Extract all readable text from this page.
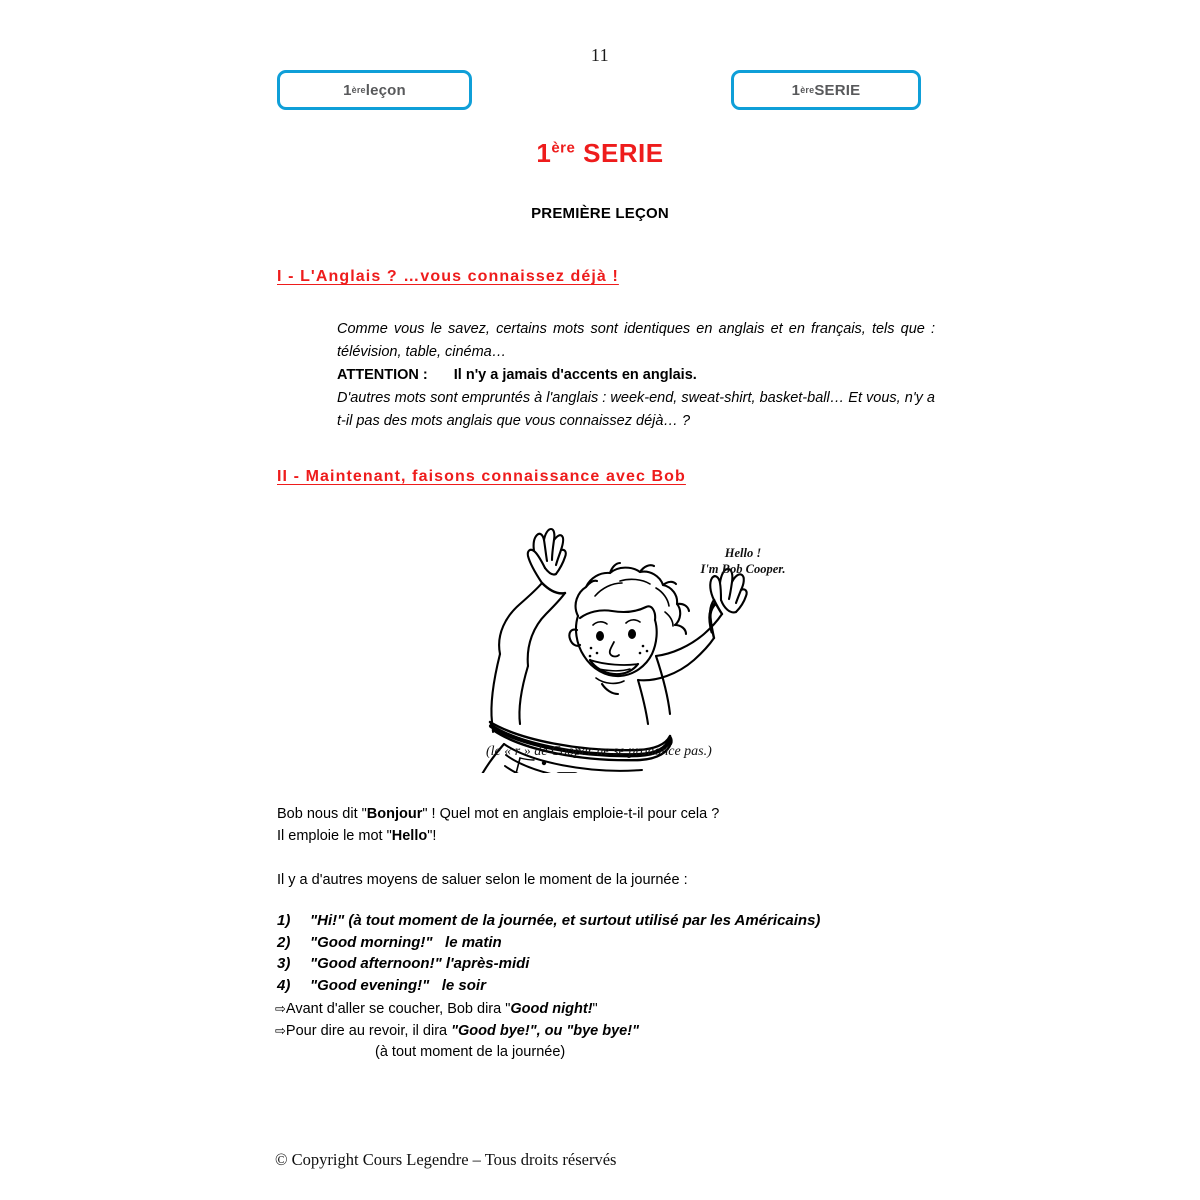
11
1 ère leçon	1 ère SERIE
1ère SERIE
PREMIÈRE LEÇON
I - L'Anglais ? …vous connaissez déjà !
Comme vous le savez, certains mots sont identiques en anglais et en français, tels que : télévision, table, cinéma…
ATTENTION : Il n'y a jamais d'accents en anglais.
D'autres mots sont empruntés à l'anglais : week-end, sweat-shirt, basket-ball… Et vous, n'y a t-il pas des mots anglais que vous connaissez déjà… ?
II - Maintenant, faisons connaissance avec Bob
Hello !
I'm Bob Cooper.
(le « r » de Cooper ne se prononce pas.)
Bob nous dit "Bonjour" ! Quel mot en anglais emploie-t-il pour cela ?
Il emploie le mot "Hello"!
Il y a d'autres moyens de saluer selon le moment de la journée :
1) "Hi!" (à tout moment de la journée, et surtout utilisé par les Américains)
2) "Good morning!"   le matin
3) "Good afternoon!" l'après-midi
4) "Good evening!"   le soir
⇨Avant d'aller se coucher, Bob dira "Good night!"
⇨Pour dire au revoir, il dira "Good bye!", ou "bye bye!"
(à tout moment de la journée)
© Copyright Cours Legendre – Tous droits réservés
